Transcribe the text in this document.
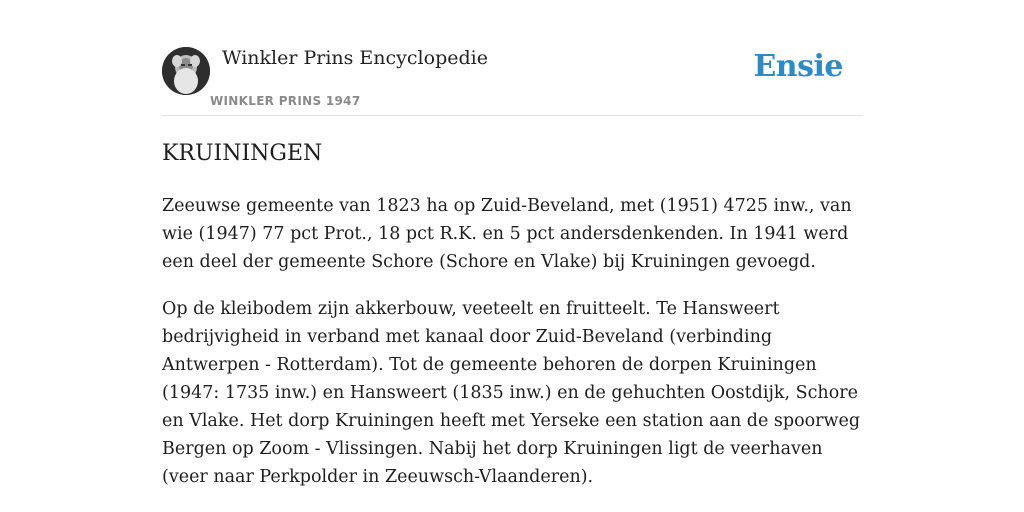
Winkler Prins Encyclopedie
WINKLER PRINS 1947
Ensie
KRUININGEN

Zeeuwse gemeente van 1823 ha op Zuid-Beveland, met (1951) 4725 inw., van wie (1947) 77 pct Prot., 18 pct R.K. en 5 pct andersdenkenden. In 1941 werd een deel der gemeente Schore (Schore en Vlake) bij Kruiningen gevoegd.

Op de kleibodem zijn akkerbouw, veeteelt en fruitteelt. Te Hansweert bedrijvigheid in verband met kanaal door Zuid-Beveland (verbinding Antwerpen - Rotterdam). Tot de gemeente behoren de dorpen Kruiningen (1947: 1735 inw.) en Hansweert (1835 inw.) en de gehuchten Oostdijk, Schore en Vlake. Het dorp Kruiningen heeft met Yerseke een station aan de spoorweg Bergen op Zoom - Vlissingen. Nabij het dorp Kruiningen ligt de veerhaven (veer naar Perkpolder in Zeeuwsch-Vlaanderen).
